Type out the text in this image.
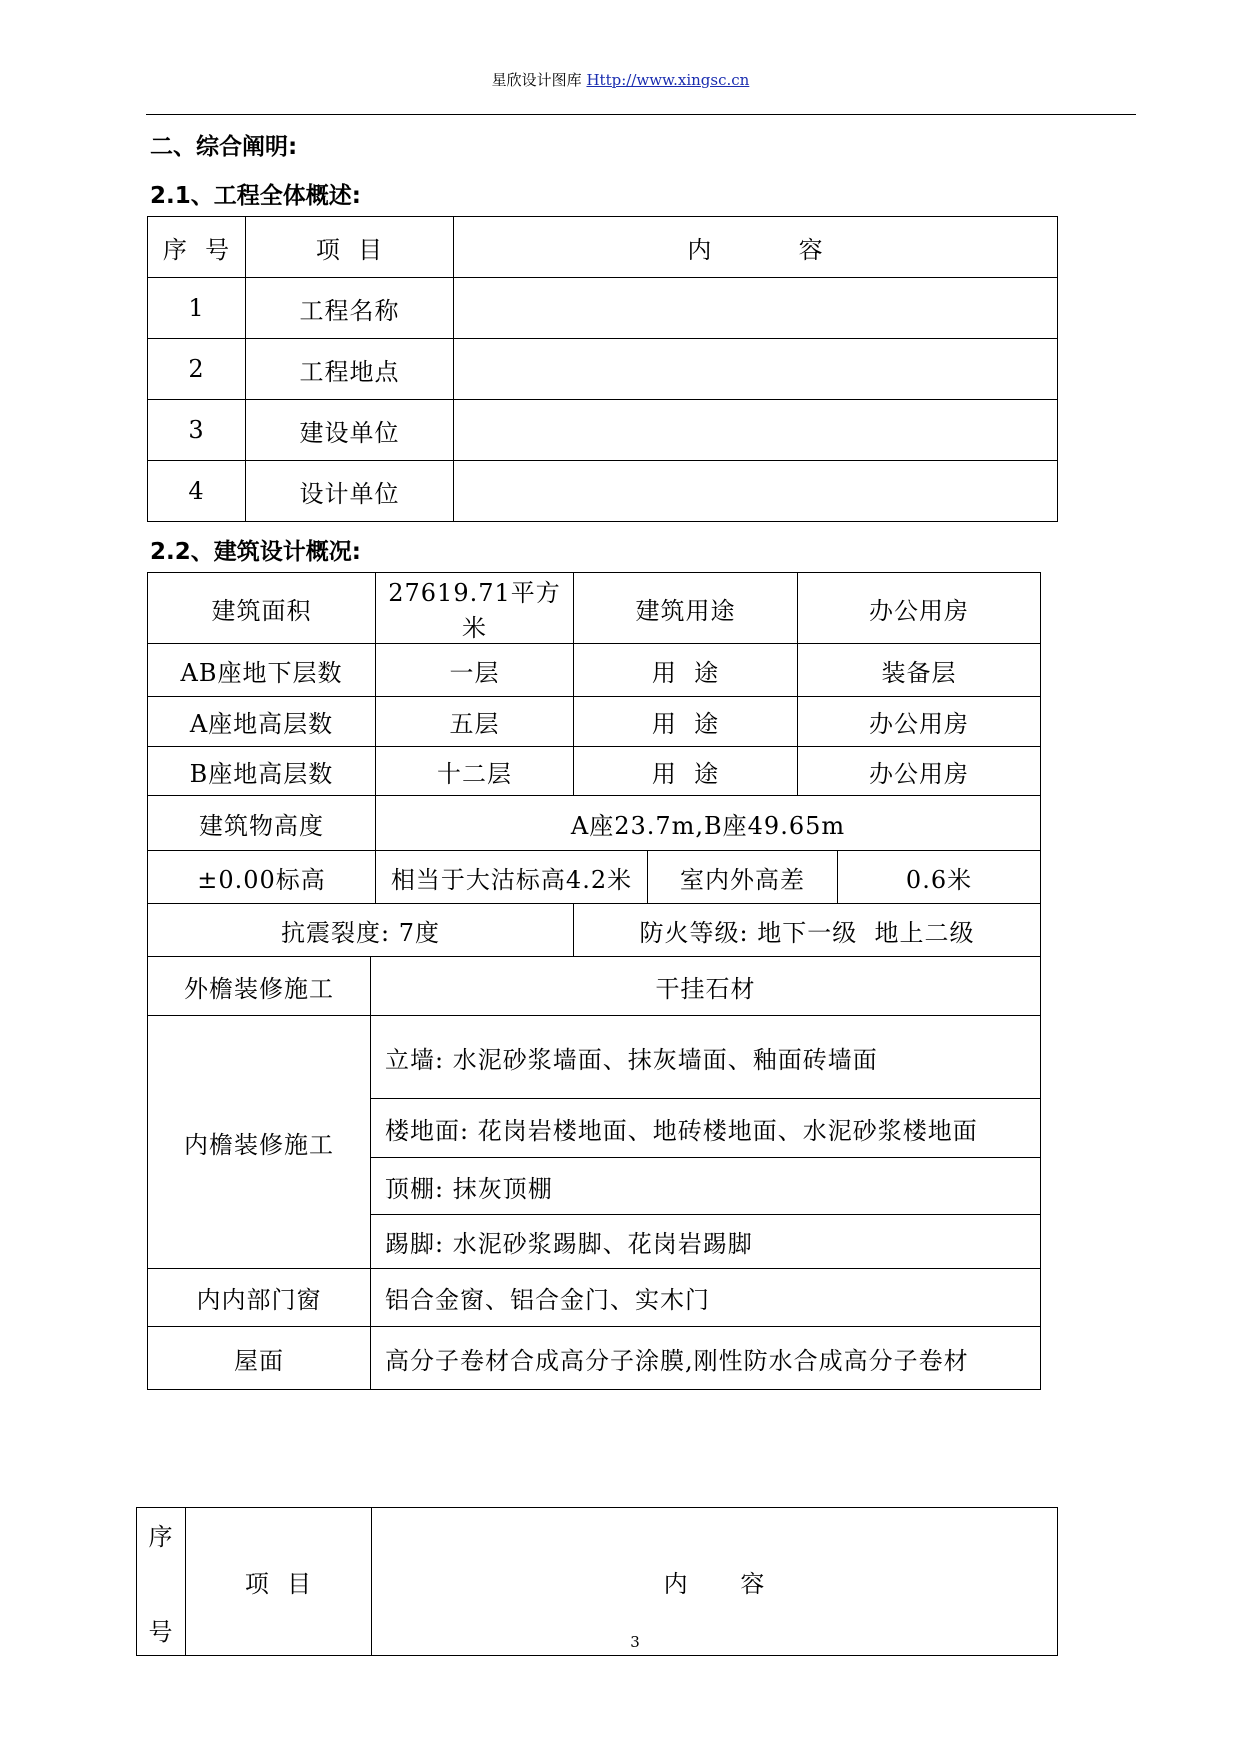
星欣设计图库 Http://www.xingsc.cn
二、综合阐明:
2.1、工程全体概述:
序  号	项  目	内          容
1	工程名称	
2	工程地点	
3	建设单位	
4	设计单位	
2.2、建筑设计概况:
建筑面积		27619.71平方米	建筑用途		办公用房	
AB座地下层数		一层	用  途		装备层	
A座地高层数		五层	用  途		办公用房	
B座地高层数		十二层	用  途		办公用房	
建筑物高度		A座23.7m,B座49.65m				
±0.00标高		相当于大沽标高4.2米		室内外高差		0.6米
抗震裂度: 7度			防火等级: 地下一级  地上二级			
外檐装修施工	干挂石材					
内檐装修施工	立墙: 水泥砂浆墙面、抹灰墙面、釉面砖墙面					
	楼地面: 花岗岩楼地面、地砖楼地面、水泥砂浆楼地面					
	顶棚: 抹灰顶棚					
	踢脚: 水泥砂浆踢脚、花岗岩踢脚					
内内部门窗	铝合金窗、铝合金门、实木门					
屋面	高分子卷材合成高分子涂膜,刚性防水合成高分子卷材					
序
号
	项  目	内      容
3
